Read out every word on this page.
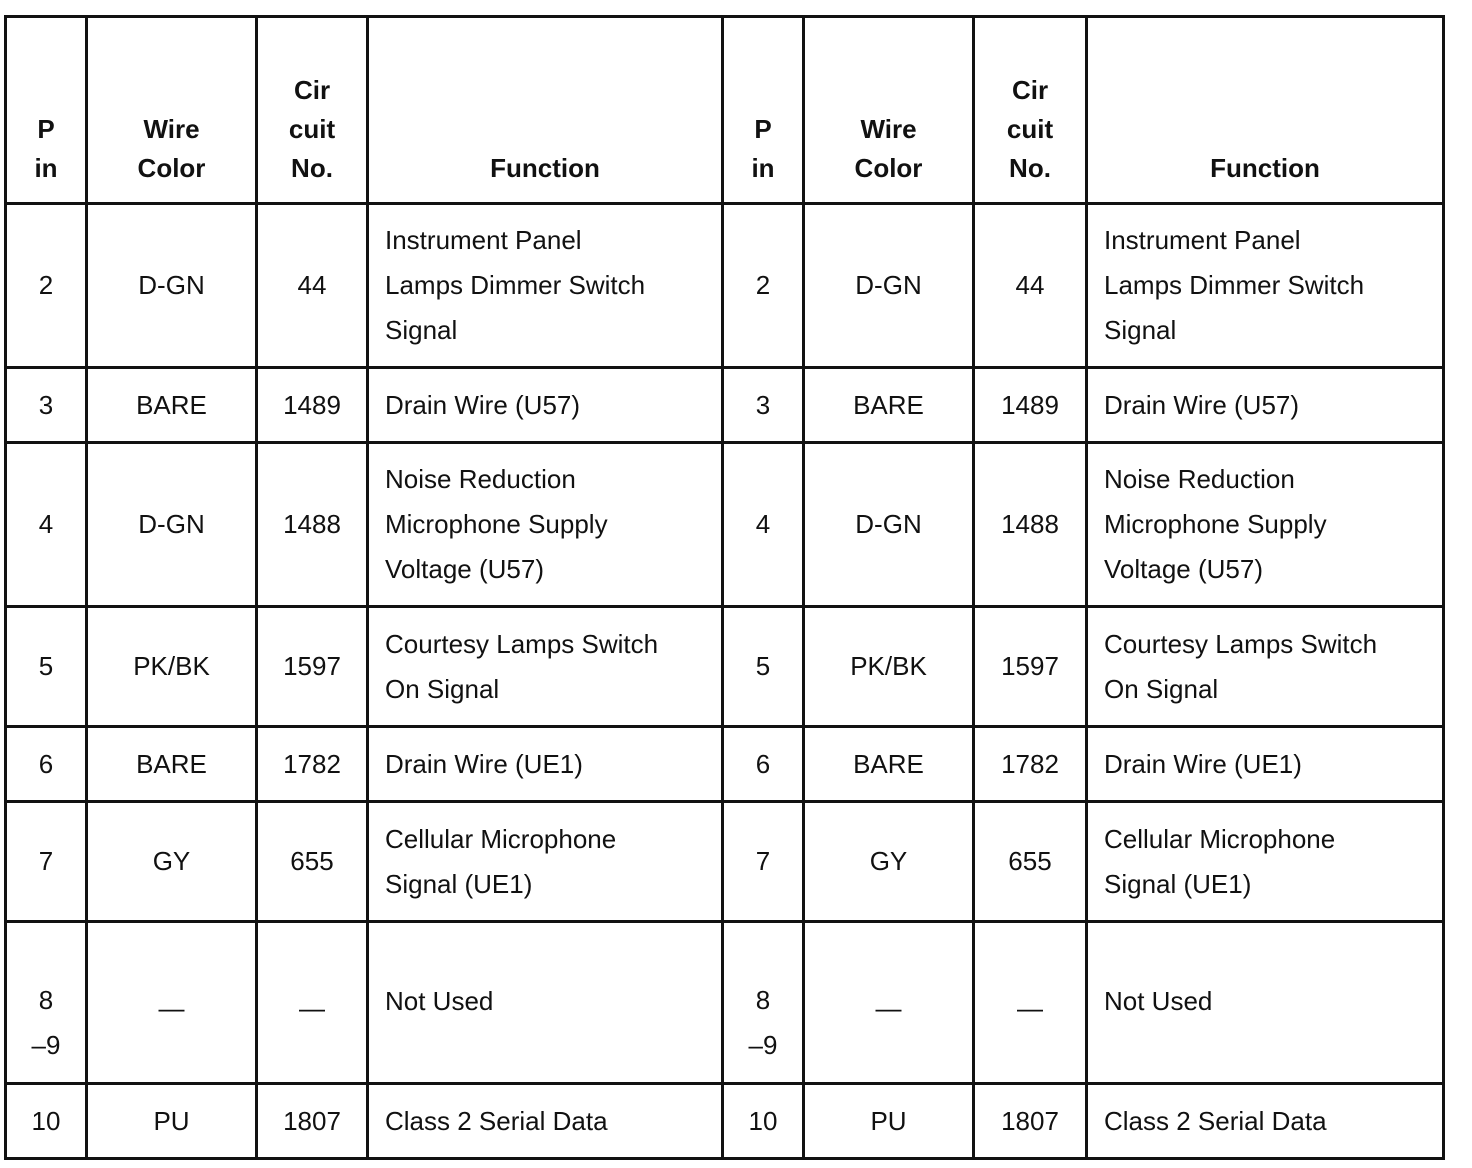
P
in	Wire
Color	Cir
cuit
No.	Function	P
in	Wire
Color	Cir
cuit
No.	Function

2	D-GN	44	Instrument Panel
Lamps Dimmer Switch
Signal	2	D-GN	44	Instrument Panel
Lamps Dimmer Switch
Signal

3	BARE	1489	Drain Wire (U57)	3	BARE	1489	Drain Wire (U57)

4	D-GN	1488	Noise Reduction
Microphone Supply
Voltage (U57)	4	D-GN	1488	Noise Reduction
Microphone Supply
Voltage (U57)

5	PK/BK	1597	Courtesy Lamps Switch
On Signal	5	PK/BK	1597	Courtesy Lamps Switch
On Signal

6	BARE	1782	Drain Wire (UE1)	6	BARE	1782	Drain Wire (UE1)

7	GY	655	Cellular Microphone
Signal (UE1)	7	GY	655	Cellular Microphone
Signal (UE1)

8
–9	—	—	Not Used	8
–9	—	—	Not Used

10	PU	1807	Class 2 Serial Data	10	PU	1807	Class 2 Serial Data
